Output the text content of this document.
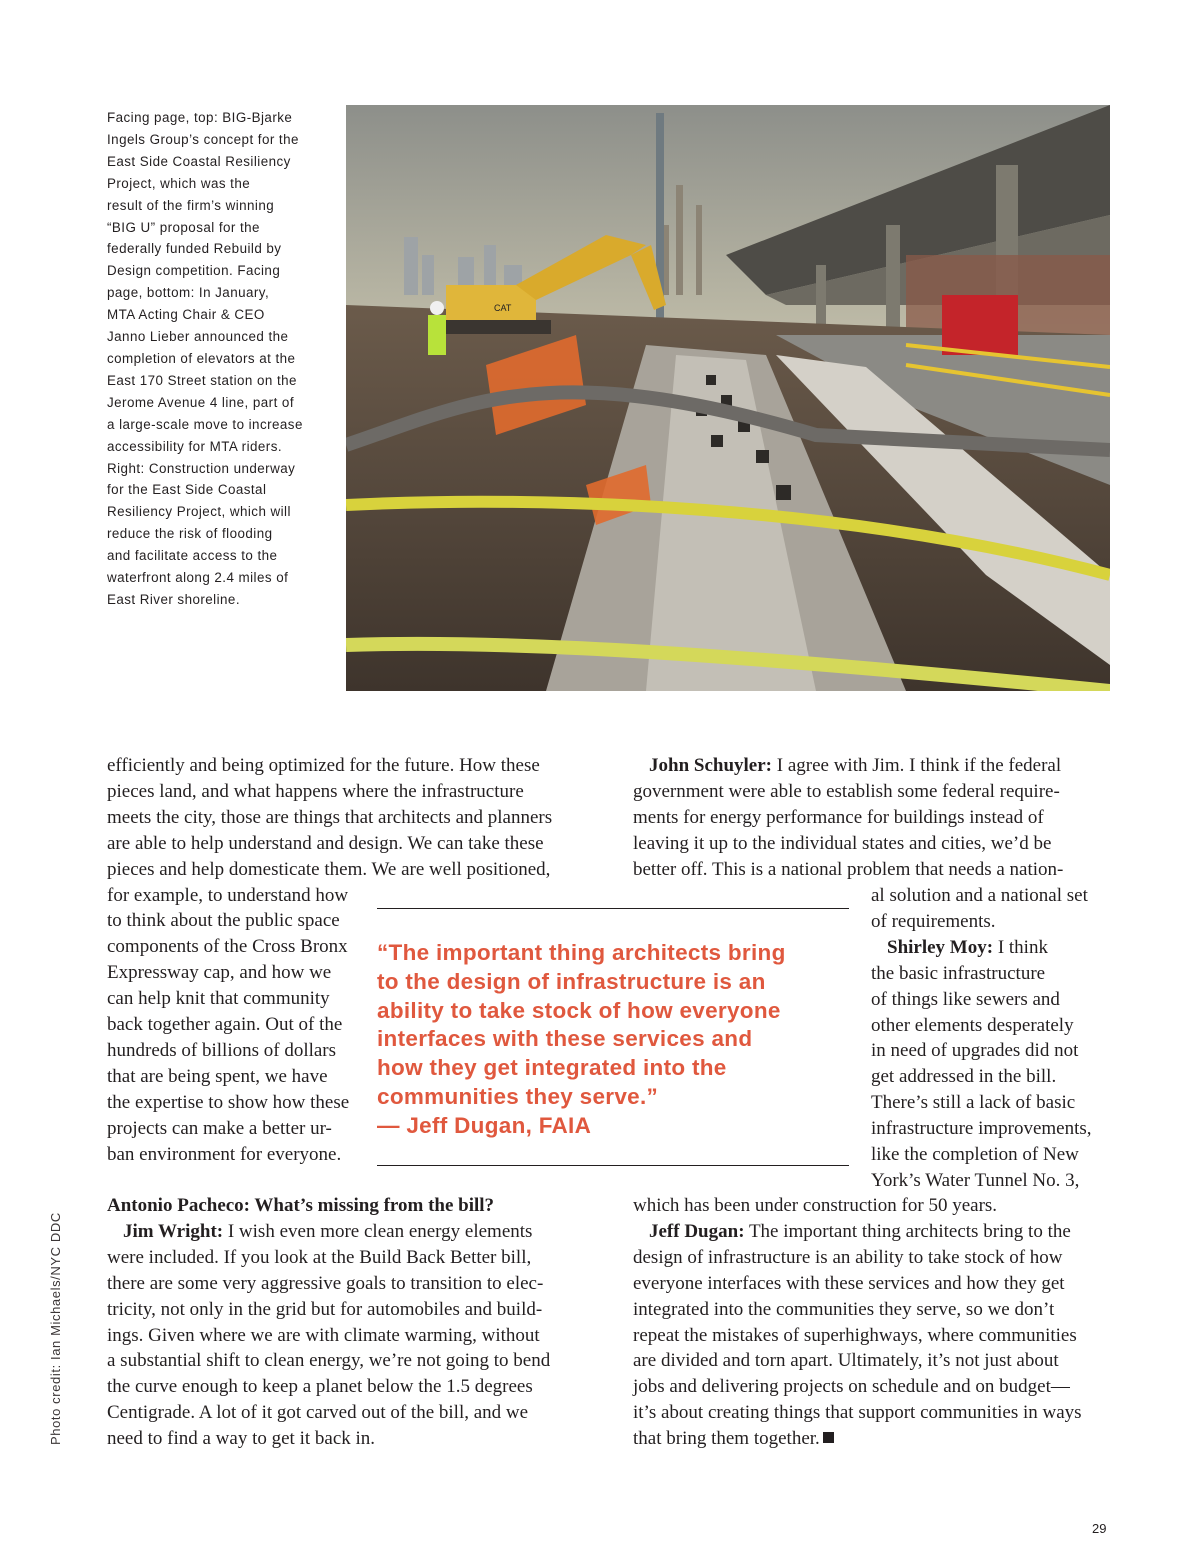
Facing page, top: BIG-Bjarke

Ingels Group’s concept for the

East Side Coastal Resiliency

Project, which was the

result of the firm’s winning

“BIG U” proposal for the

federally funded Rebuild by

Design competition. Facing

page, bottom: In January,

MTA Acting Chair & CEO

Janno Lieber announced the

completion of elevators at the

East 170 Street station on the

Jerome Avenue 4 line, part of

a large-scale move to increase

accessibility for MTA riders.

Right: Construction underway

for the East Side Coastal

Resiliency Project, which will

reduce the risk of flooding

and facilitate access to the

waterfront along 2.4 miles of

East River shoreline.

CAT
efficiently and being optimized for the future. How these
pieces land, and what happens where the infrastructure
meets the city, those are things that architects and planners
are able to help understand and design. We can take these
pieces and help domesticate them. We are well positioned,
for example, to understand how
to think about the public space
components of the Cross Bronx
Expressway cap, and how we
can help knit that community
back together again. Out of the
hundreds of billions of dollars
that are being spent, we have
the expertise to show how these
projects can make a better ur-
ban environment for everyone.
Antonio Pacheco: What’s missing from the bill?
Jim Wright: I wish even more clean energy elements
were included. If you look at the Build Back Better bill,
there are some very aggressive goals to transition to elec-
tricity, not only in the grid but for automobiles and build-
ings. Given where we are with climate warming, without
a substantial shift to clean energy, we’re not going to bend
the curve enough to keep a planet below the 1.5 degrees
Centigrade. A lot of it got carved out of the bill, and we
need to find a way to get it back in.
John Schuyler: I agree with Jim. I think if the federal
government were able to establish some federal require-
ments for energy performance for buildings instead of
leaving it up to the individual states and cities, we’d be
better off. This is a national problem that needs a nation-
al solution and a national set
of requirements.
Shirley Moy: I think
the basic infrastructure
of things like sewers and
other elements desperately
in need of upgrades did not
get addressed in the bill.
There’s still a lack of basic
infrastructure improvements,
like the completion of New
York’s Water Tunnel No. 3,
which has been under construction for 50 years.
Jeff Dugan: The important thing architects bring to the
design of infrastructure is an ability to take stock of how
everyone interfaces with these services and how they get
integrated into the communities they serve, so we don’t
repeat the mistakes of superhighways, where communities
are divided and torn apart. Ultimately, it’s not just about
jobs and delivering projects on schedule and on budget—
it’s about creating things that support communities in ways
that bring them together.
“The important thing architects bring
to the design of infrastructure is an
ability to take stock of how everyone
interfaces with these services and
how they get integrated into the
communities they serve.”
— Jeff Dugan, FAIA
Photo credit: Ian Michaels/NYC DDC
29
